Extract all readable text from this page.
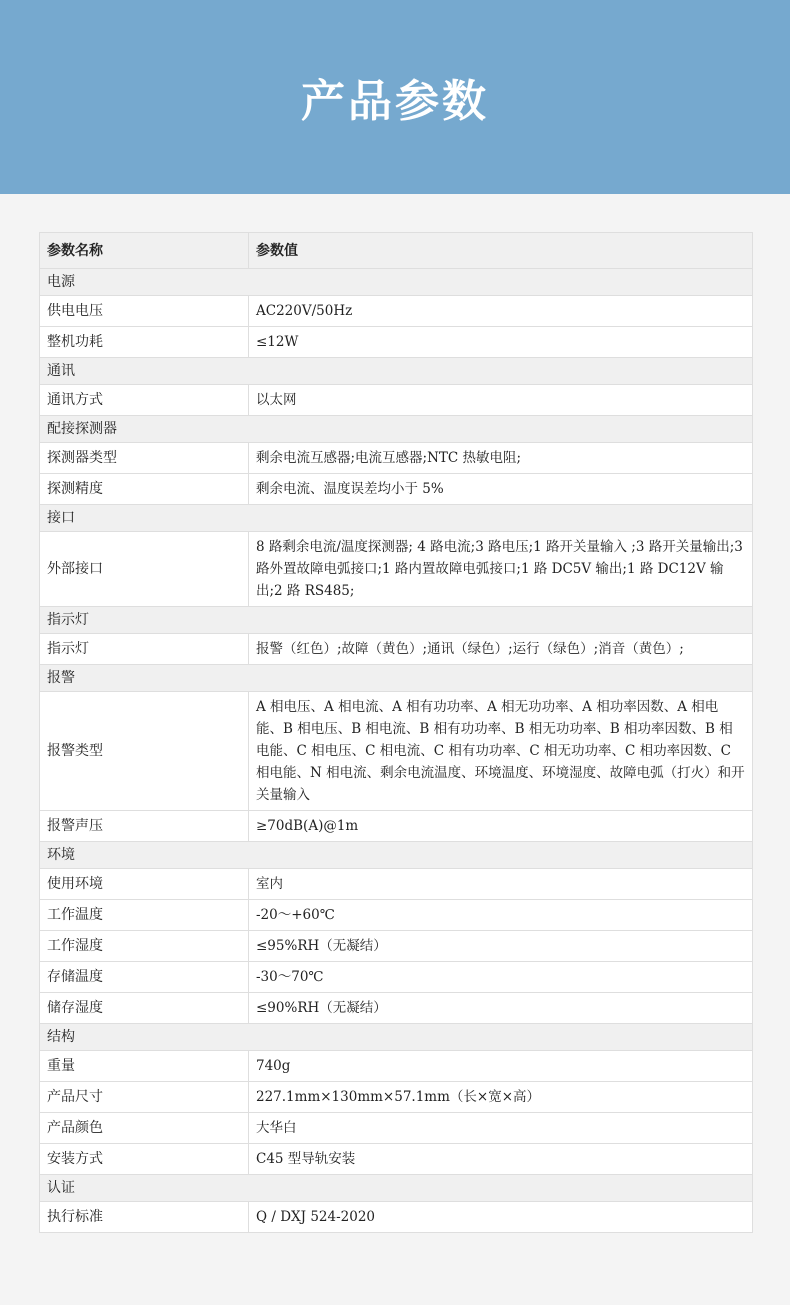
产品参数
参数名称	参数值
电源	
供电电压	AC220V/50Hz
整机功耗	≤12W
通讯	
通讯方式	以太网
配接探测器	
探测器类型	剩余电流互感器;电流互感器;NTC 热敏电阻;
探测精度	剩余电流、温度误差均小于 5%
接口	
外部接口	8 路剩余电流/温度探测器; 4 路电流;3 路电压;1 路开关量输入 ;3 路开关量输出;3 路外置故障电弧接口;1 路内置故障电弧接口;1 路 DC5V 输出;1 路 DC12V 输出;2 路 RS485;
指示灯	
指示灯	报警（红色）;故障（黄色）;通讯（绿色）;运行（绿色）;消音（黄色）;
报警	
报警类型	A 相电压、A 相电流、A 相有功功率、A 相无功功率、A 相功率因数、A 相电能、B 相电压、B 相电流、B 相有功功率、B 相无功功率、B 相功率因数、B 相电能、C 相电压、C 相电流、C 相有功功率、C 相无功功率、C 相功率因数、C 相电能、N 相电流、剩余电流温度、环境温度、环境湿度、故障电弧（打火）和开关量输入
报警声压	≥70dB(A)@1m
环境	
使用环境	室内
工作温度	-20～+60℃
工作湿度	≤95%RH（无凝结）
存储温度	-30～70℃
储存湿度	≤90%RH（无凝结）
结构	
重量	740g
产品尺寸	227.1mm×130mm×57.1mm（长×宽×高）
产品颜色	大华白
安装方式	C45 型导轨安装
认证	
执行标准	Q / DXJ 524-2020
